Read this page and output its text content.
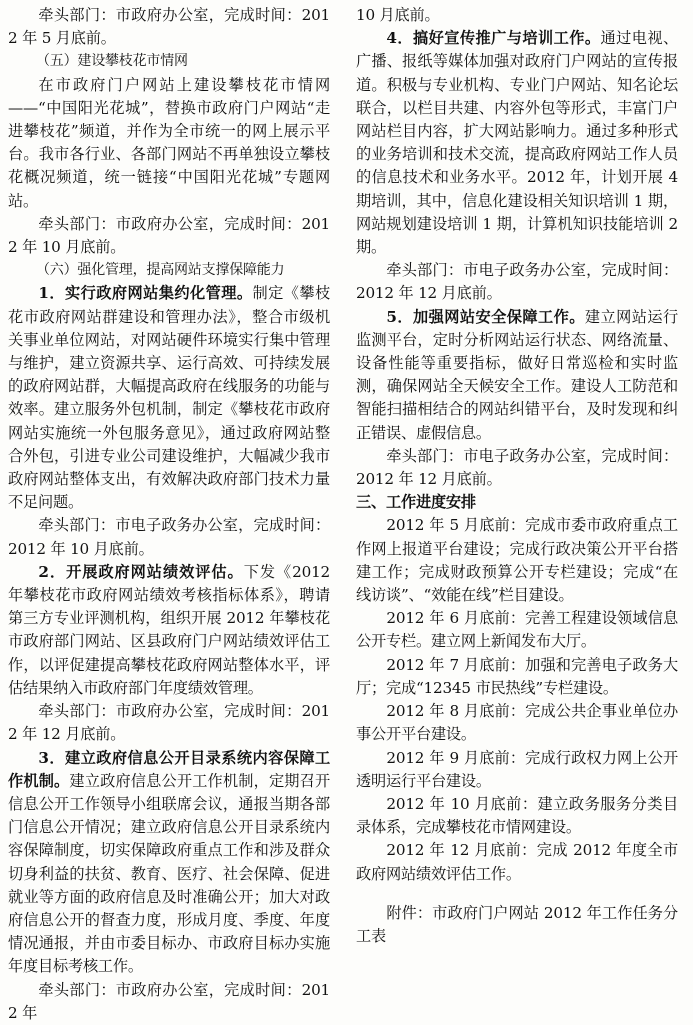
牵头部门：市政府办公室，完成时间：2012 年 5 月底前。

（五）建设攀枝花市情网

在市政府门户网站上建设攀枝花市情网——“中国阳光花城”，替换市政府门户网站“走进攀枝花”频道，并作为全市统一的网上展示平台。我市各行业、各部门网站不再单独设立攀枝花概况频道，统一链接“中国阳光花城”专题网站。

牵头部门：市政府办公室，完成时间：2012 年 10 月底前。

（六）强化管理，提高网站支撑保障能力

1．实行政府网站集约化管理。制定《攀枝花市政府网站群建设和管理办法》，整合市级机关事业单位网站，对网站硬件环境实行集中管理与维护，建立资源共享、运行高效、可持续发展的政府网站群，大幅提高政府在线服务的功能与效率。建立服务外包机制，制定《攀枝花市政府网站实施统一外包服务意见》，通过政府网站整合外包，引进专业公司建设维护，大幅减少我市政府网站整体支出，有效解决政府部门技术力量不足问题。

牵头部门：市电子政务办公室，完成时间：2012 年 10 月底前。

2．开展政府网站绩效评估。下发《2012 年攀枝花市政府网站绩效考核指标体系》，聘请第三方专业评测机构，组织开展 2012 年攀枝花市政府部门网站、区县政府门户网站绩效评估工作，以评促建提高攀枝花政府网站整体水平，评估结果纳入市政府部门年度绩效管理。

牵头部门：市政府办公室，完成时间：2012 年 12 月底前。

3．建立政府信息公开目录系统内容保障工作机制。建立政府信息公开工作机制，定期召开信息公开工作领导小组联席会议，通报当期各部门信息公开情况；建立政府信息公开目录系统内容保障制度，切实保障政府重点工作和涉及群众切身利益的扶贫、教育、医疗、社会保障、促进就业等方面的政府信息及时准确公开；加大对政府信息公开的督查力度，形成月度、季度、年度情况通报，并由市委目标办、市政府目标办实施年度目标考核工作。

牵头部门：市政府办公室，完成时间：2012 年

10 月底前。

4．搞好宣传推广与培训工作。通过电视、广播、报纸等媒体加强对政府门户网站的宣传报道。积极与专业机构、专业门户网站、知名论坛联合，以栏目共建、内容外包等形式，丰富门户网站栏目内容，扩大网站影响力。通过多种形式的业务培训和技术交流，提高政府网站工作人员的信息技术和业务水平。2012 年，计划开展 4 期培训，其中，信息化建设相关知识培训 1 期，网站规划建设培训 1 期，计算机知识技能培训 2 期。

牵头部门：市电子政务办公室，完成时间：2012 年 12 月底前。

5．加强网站安全保障工作。建立网站运行监测平台，定时分析网站运行状态、网络流量、设备性能等重要指标，做好日常巡检和实时监测，确保网站全天候安全工作。建设人工防范和智能扫描相结合的网站纠错平台，及时发现和纠正错误、虚假信息。

牵头部门：市电子政务办公室，完成时间：2012 年 12 月底前。

三、工作进度安排

2012 年 5 月底前：完成市委市政府重点工作网上报道平台建设；完成行政决策公开平台搭建工作；完成财政预算公开专栏建设；完成“在线访谈”、“效能在线”栏目建设。

2012 年 6 月底前：完善工程建设领域信息公开专栏。建立网上新闻发布大厅。

2012 年 7 月底前：加强和完善电子政务大厅；完成“12345 市民热线”专栏建设。

2012 年 8 月底前：完成公共企事业单位办事公开平台建设。

2012 年 9 月底前：完成行政权力网上公开透明运行平台建设。

2012 年 10 月底前：建立政务服务分类目录体系，完成攀枝花市情网建设。

2012 年 12 月底前：完成 2012 年度全市政府网站绩效评估工作。

附件：市政府门户网站 2012 年工作任务分工表
